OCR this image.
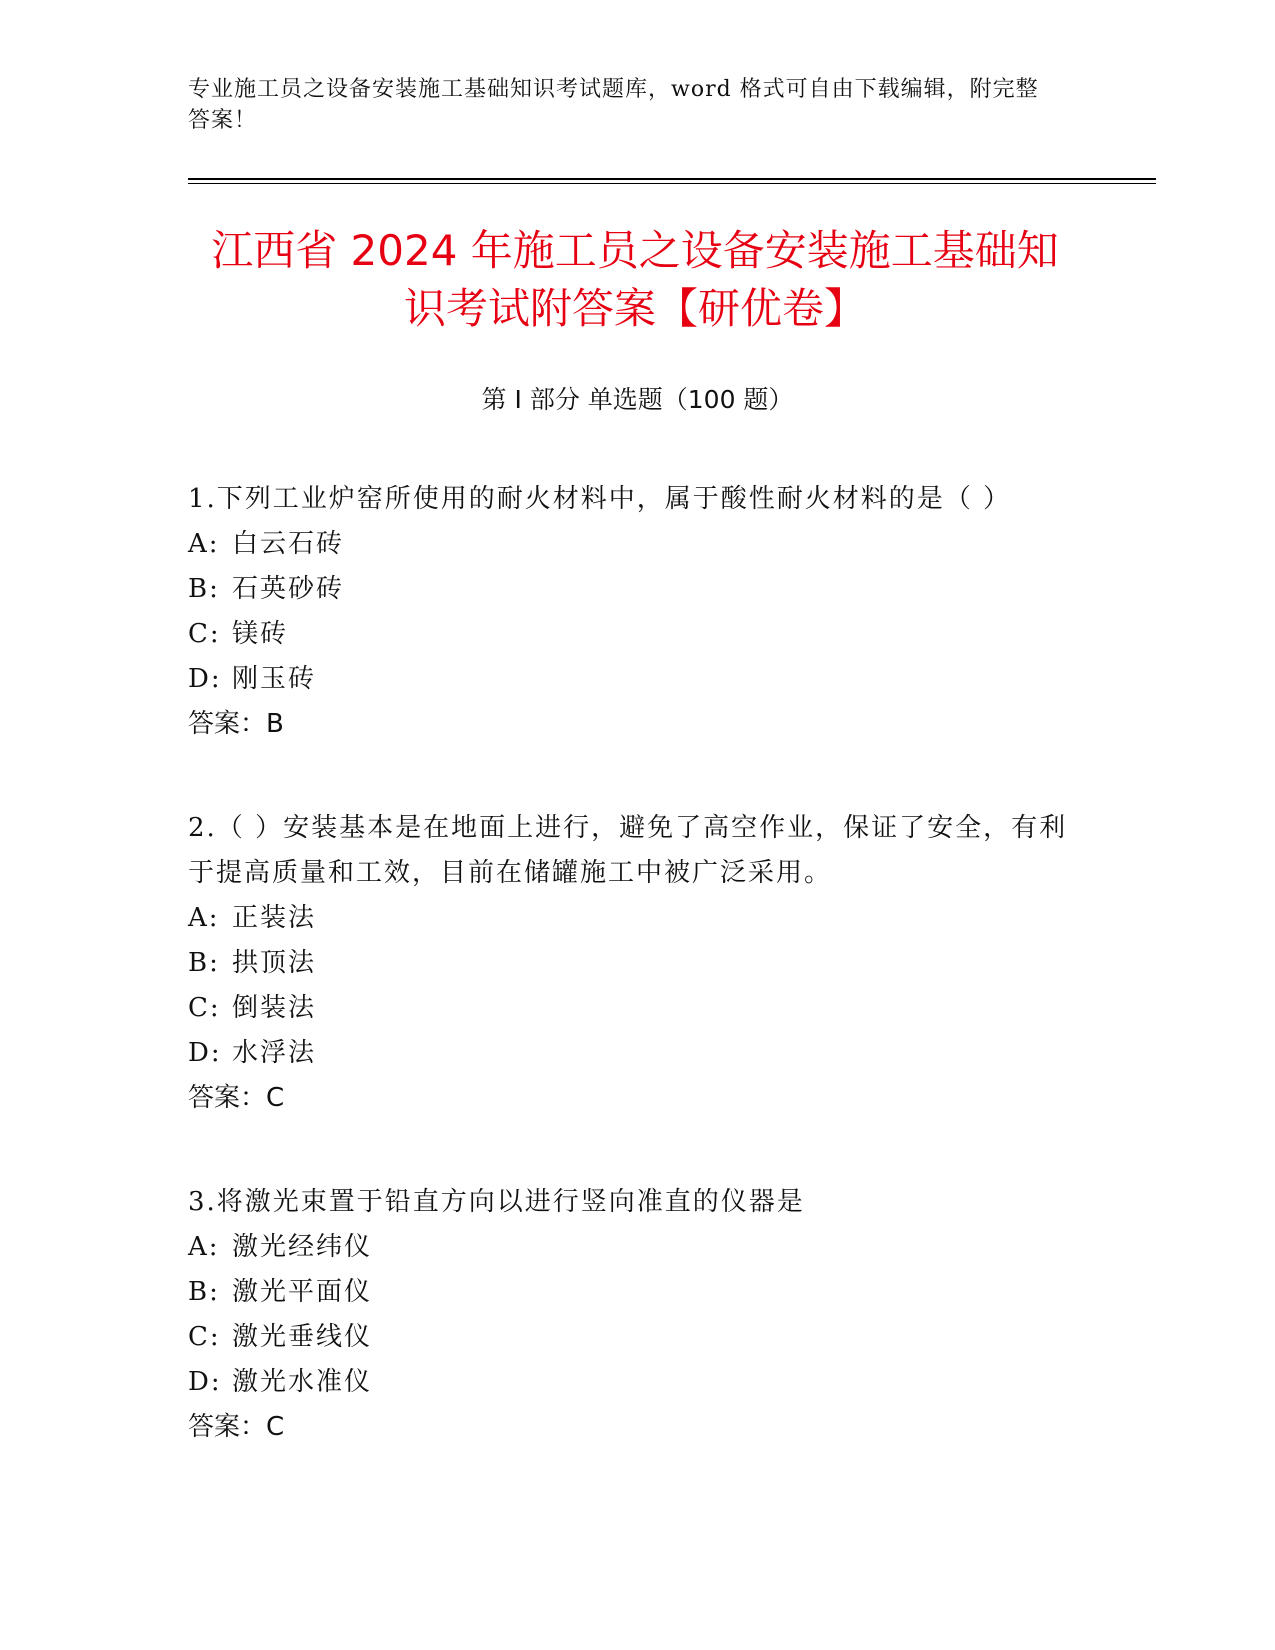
专业施工员之设备安装施工基础知识考试题库，word 格式可自由下载编辑，附完整答案！
江西省 2024 年施工员之设备安装施工基础知
识考试附答案【研优卷】
第 I 部分 单选题（100 题）
1.下列工业炉窑所使用的耐火材料中，属于酸性耐火材料的是（ ）
A: 白云石砖
B: 石英砂砖
C: 镁砖
D: 刚玉砖
答案：B
2.（ ）安装基本是在地面上进行，避免了高空作业，保证了安全，有利于提高质量和工效，目前在储罐施工中被广泛采用。
A: 正装法
B: 拱顶法
C: 倒装法
D: 水浮法
答案：C
3.将激光束置于铅直方向以进行竖向准直的仪器是
A: 激光经纬仪
B: 激光平面仪
C: 激光垂线仪
D: 激光水准仪
答案：C
